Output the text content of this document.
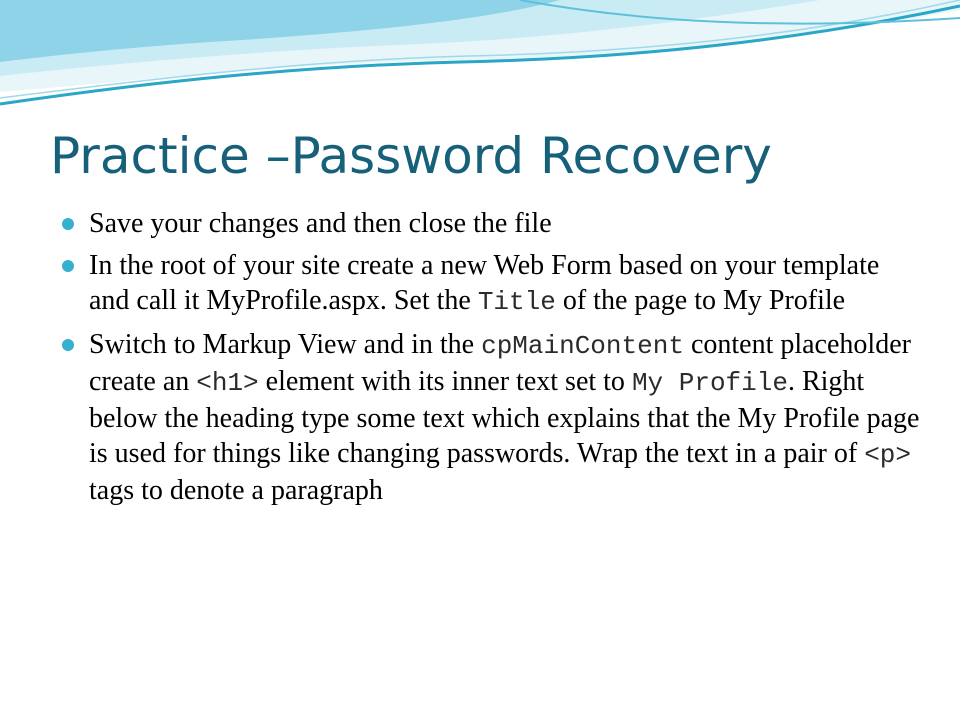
Practice –Password Recovery
Save your changes and then close the file
In the root of your site create a new Web Form based on your template and call it MyProfile.aspx. Set the Title of the page to My Profile
Switch to Markup View and in the cpMainContent content placeholder create an <h1> element with its inner text set to My Profile. Right below the heading type some text which explains that the My Profile page is used for things like changing passwords. Wrap the text in a pair of <p> tags to denote a paragraph
